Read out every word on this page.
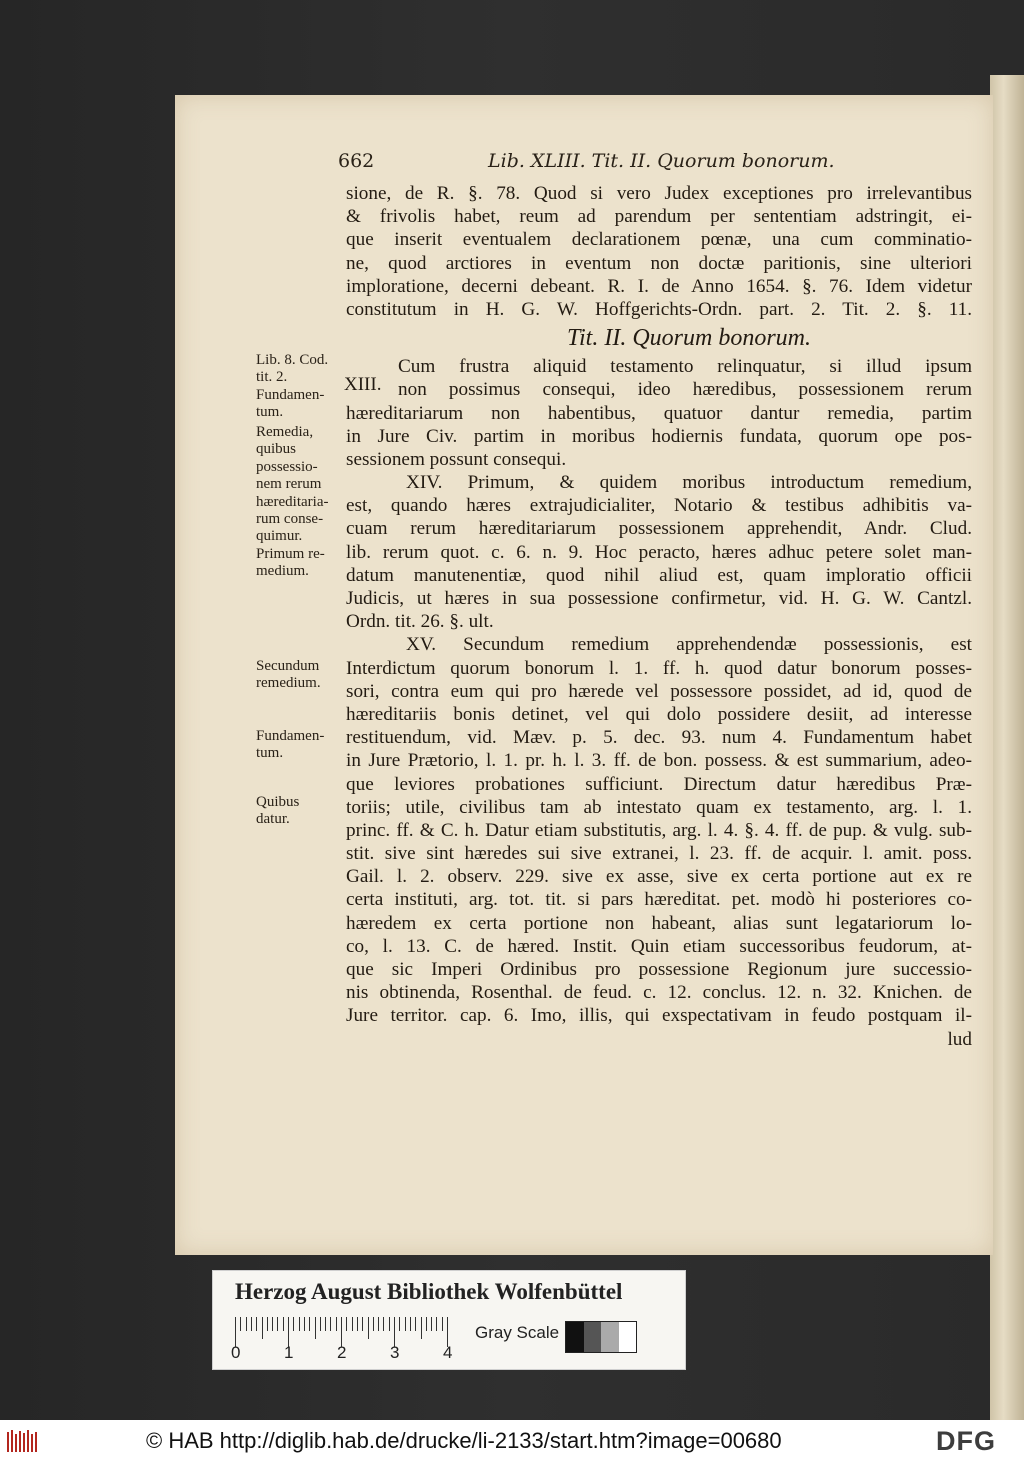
662	Lib. XLIII. Tit. II. Quorum bonorum.
XIII.
sione, de R. §. 78. Quod si vero Judex exceptiones pro irrelevantibus
& frivolis habet, reum ad parendum per sententiam adstringit, ei-
que inserit eventualem declarationem pœnæ, una cum comminatio-
ne, quod arctiores in eventum non doctæ paritionis, sine ulteriori
imploratione, decerni debeant. R. I. de Anno 1654. §. 76. Idem videtur
constitutum in H. G. W. Hoffgerichts-Ordn. part. 2. Tit. 2. §. 11.
Tit. II. Quorum bonorum.
Cum frustra aliquid testamento relinquatur, si illud ipsum
non possimus consequi, ideo hæredibus, possessionem rerum
hæreditariarum non habentibus, quatuor dantur remedia, partim
in Jure Civ. partim in moribus hodiernis fundata, quorum ope pos-
sessionem possunt consequi.
XIV. Primum, & quidem moribus introductum remedium,
est, quando hæres extrajudicialiter, Notario & testibus adhibitis va-
cuam rerum hæreditariarum possessionem apprehendit, Andr. Clud.
lib. rerum quot. c. 6. n. 9. Hoc peracto, hæres adhuc petere solet man-
datum manutenentiæ, quod nihil aliud est, quam imploratio officii
Judicis, ut hæres in sua possessione confirmetur, vid. H. G. W. Cantzl.
Ordn. tit. 26. §. ult.
XV. Secundum remedium apprehendendæ possessionis, est
Interdictum quorum bonorum l. 1. ff. h. quod datur bonorum posses-
sori, contra eum qui pro hærede vel possessore possidet, ad id, quod de
hæreditariis bonis detinet, vel qui dolo possidere desiit, ad interesse
restituendum, vid. Mæv. p. 5. dec. 93. num 4. Fundamentum habet
in Jure Prætorio, l. 1. pr. h. l. 3. ff. de bon. possess. & est summarium, adeo-
que leviores probationes sufficiunt. Directum datur hæredibus Præ-
toriis; utile, civilibus tam ab intestato quam ex testamento, arg. l. 1.
princ. ff. & C. h. Datur etiam substitutis, arg. l. 4. §. 4. ff. de pup. & vulg. sub-
stit. sive sint hæredes sui sive extranei, l. 23. ff. de acquir. l. amit. poss.
Gail. l. 2. observ. 229. sive ex asse, sive ex certa portione aut ex re
certa instituti, arg. tot. tit. si pars hæreditat. pet. modò hi posteriores co-
hæredem ex certa portione non habeant, alias sunt legatariorum lo-
co, l. 13. C. de hæred. Instit. Quin etiam successoribus feudorum, at-
que sic Imperi Ordinibus pro possessione Regionum jure successio-
nis obtinenda, Rosenthal. de feud. c. 12. conclus. 12. n. 32. Knichen. de
Jure territor. cap. 6. Imo, illis, qui exspectativam in feudo postquam il-
lud
Lib. 8. Cod.
tit. 2.
Fundamen-
tum.
Remedia,
quibus
possessio-
nem rerum
hæreditaria-
rum conse-
quimur.
Primum re-
medium.
Secundum
remedium.
Fundamen-
tum.
Quibus
datur.
Herzog August Bibliothek Wolfenbüttel
0	1	2	3	4
Gray Scale
© HAB http://diglib.hab.de/drucke/li-2133/start.htm?image=00680	DFG
